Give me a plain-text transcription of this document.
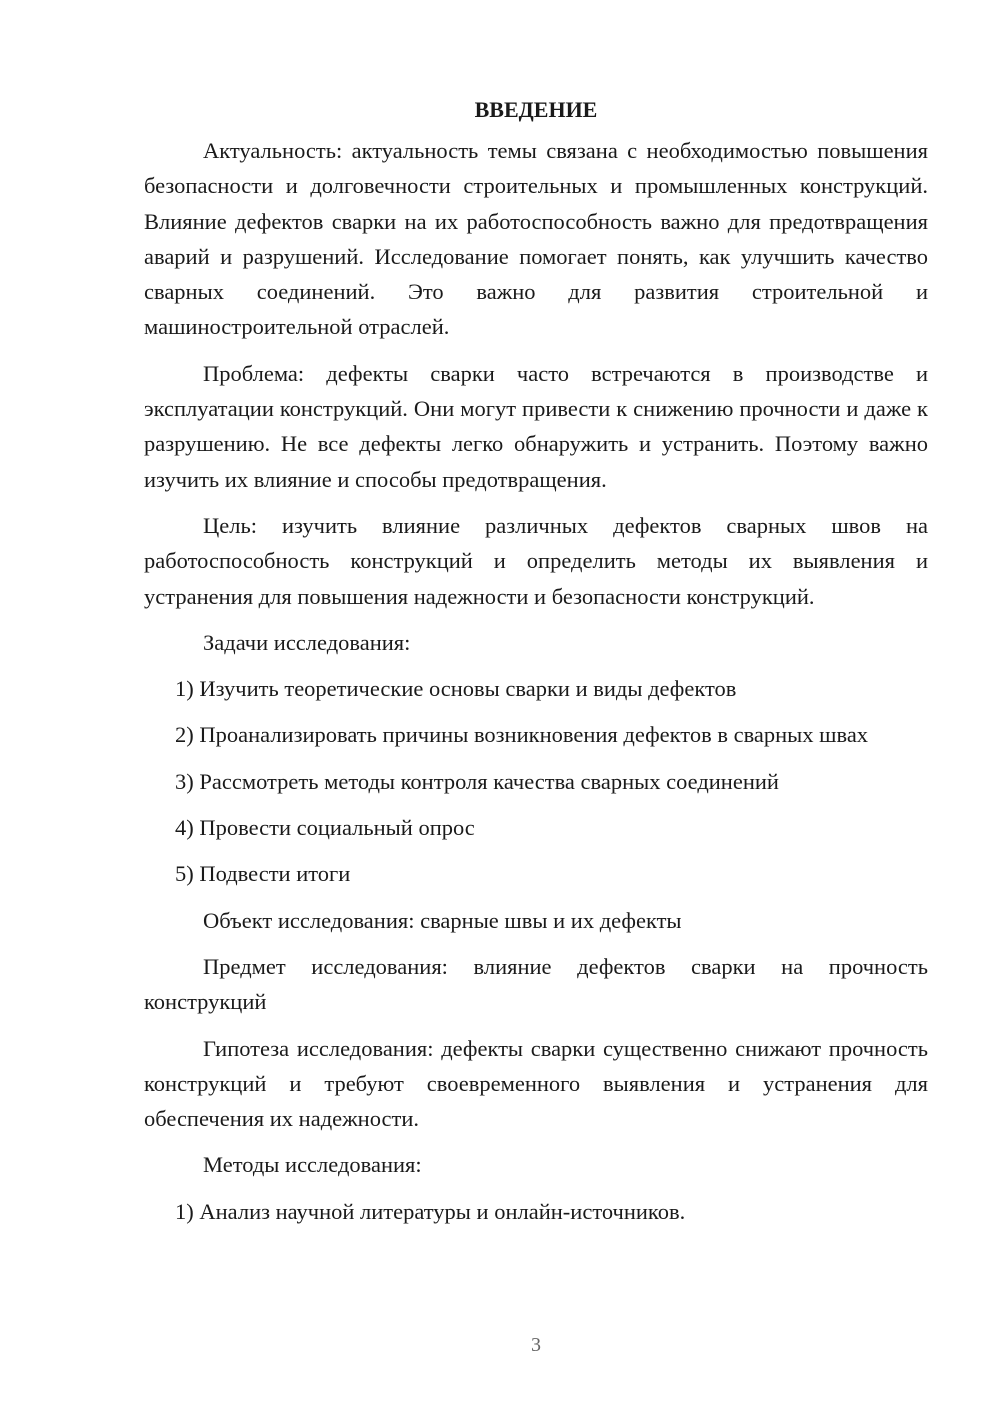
ВВЕДЕНИЕ

Актуальность: актуальность темы связана с необходимостью повышения безопасности и долговечности строительных и промышленных конструкций. Влияние дефектов сварки на их работоспособность важно для предотвращения аварий и разрушений. Исследование помогает понять, как улучшить качество сварных соединений. Это важно для развития строительной и машиностроительной отраслей.

Проблема: дефекты сварки часто встречаются в производстве и эксплуатации конструкций. Они могут привести к снижению прочности и даже к разрушению. Не все дефекты легко обнаружить и устранить. Поэтому важно изучить их влияние и способы предотвращения.

Цель: изучить влияние различных дефектов сварных швов на работоспособность конструкций и определить методы их выявления и устранения для повышения надежности и безопасности конструкций.

Задачи исследования:

1) Изучить теоретические основы сварки и виды дефектов

2) Проанализировать причины возникновения дефектов в сварных швах

3) Рассмотреть методы контроля качества сварных соединений

4) Провести социальный опрос

5) Подвести итоги

Объект исследования: сварные швы и их дефекты

Предмет исследования: влияние дефектов сварки на прочность конструкций

Гипотеза исследования: дефекты сварки существенно снижают прочность конструкций и требуют своевременного выявления и устранения для обеспечения их надежности.

Методы исследования:

1) Анализ научной литературы и онлайн-источников.

3
